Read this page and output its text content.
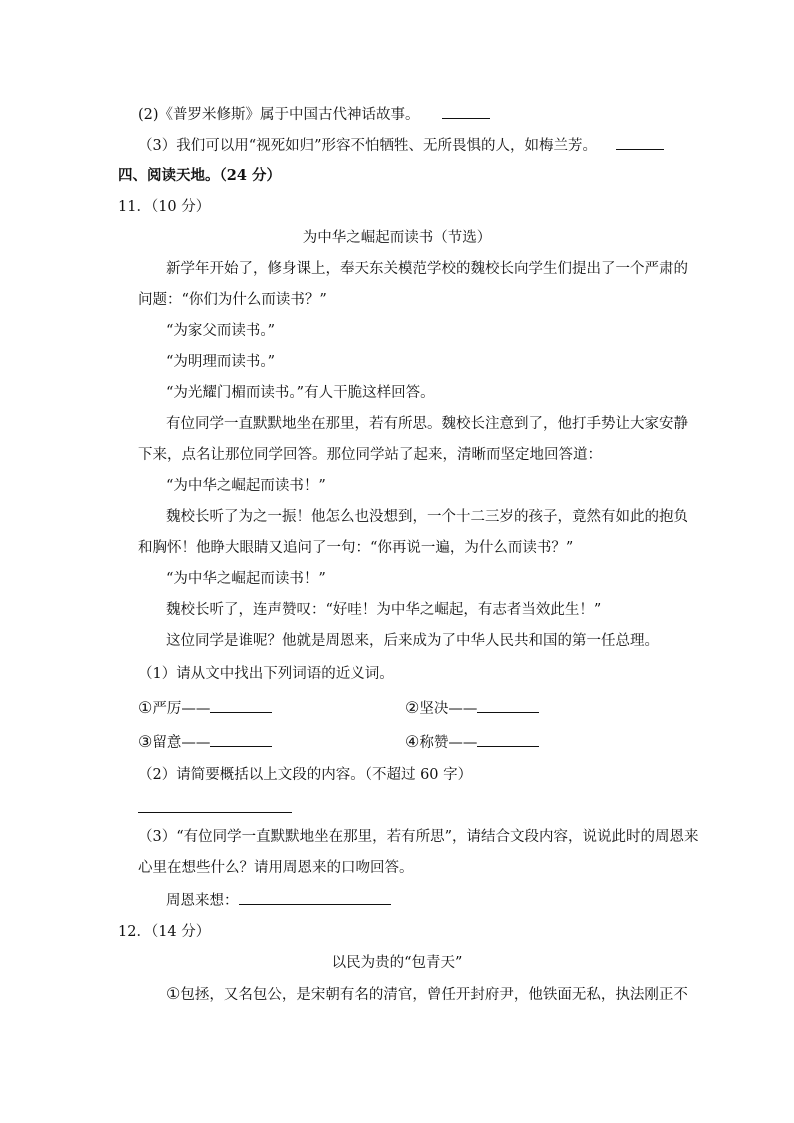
(2)《普罗米修斯》属于中国古代神话故事。
（3）我们可以用“视死如归”形容不怕牺牲、无所畏惧的人，如梅兰芳。
四、阅读天地。（24 分）
11．（10 分）
为中华之崛起而读书（节选）
新学年开始了，修身课上，奉天东关模范学校的魏校长向学生们提出了一个严肃的
问题：“你们为什么而读书？”
“为家父而读书。”
“为明理而读书。”
“为光耀门楣而读书。”有人干脆这样回答。
有位同学一直默默地坐在那里，若有所思。魏校长注意到了，他打手势让大家安静
下来，点名让那位同学回答。那位同学站了起来，清晰而坚定地回答道：
“为中华之崛起而读书！”
魏校长听了为之一振！他怎么也没想到，一个十二三岁的孩子，竟然有如此的抱负
和胸怀！他睁大眼睛又追问了一句：“你再说一遍，为什么而读书？”
“为中华之崛起而读书！”
魏校长听了，连声赞叹：“好哇！为中华之崛起，有志者当效此生！”
这位同学是谁呢？他就是周恩来，后来成为了中华人民共和国的第一任总理。
（1）请从文中找出下列词语的近义词。
①严厉——	②坚决——
③留意——	④称赞——
（2）请简要概括以上文段的内容。（不超过 60 字）
（3）“有位同学一直默默地坐在那里，若有所思”，请结合文段内容，说说此时的周恩来
心里在想些什么？请用周恩来的口吻回答。
周恩来想：
12．（14 分）
以民为贵的“包青天”
①包拯，又名包公，是宋朝有名的清官，曾任开封府尹，他铁面无私，执法刚正不
